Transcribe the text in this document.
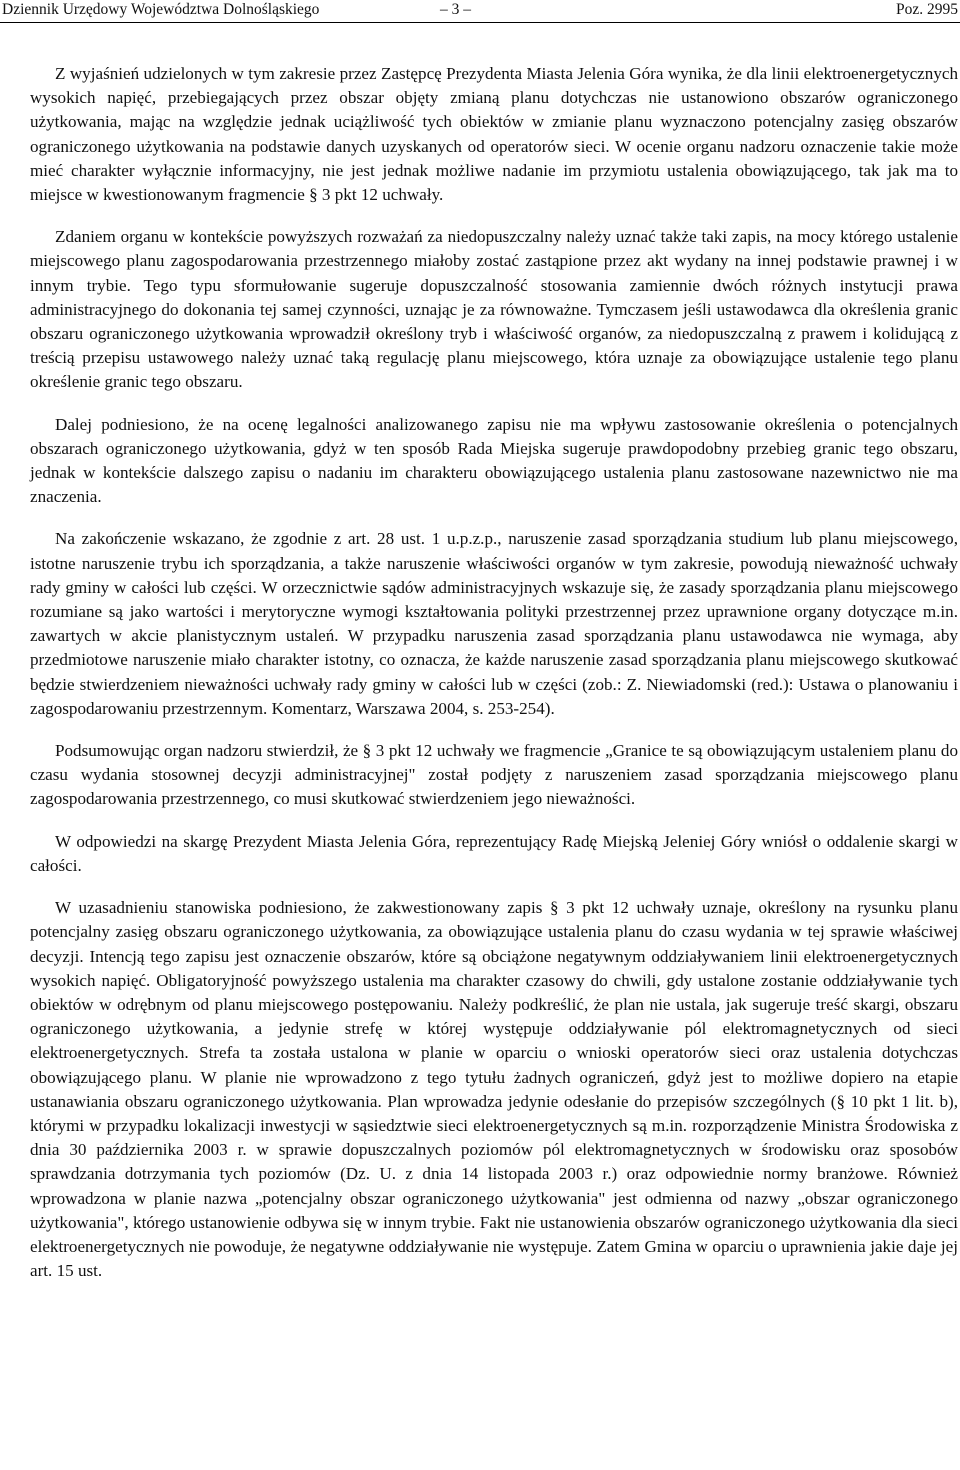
Dziennik Urzędowy Województwa Dolnośląskiego	– 3 –	Poz. 2995

Z wyjaśnień udzielonych w tym zakresie przez Zastępcę Prezydenta Miasta Jelenia Góra wynika, że dla linii elektroenergetycznych wysokich napięć, przebiegających przez obszar objęty zmianą planu dotychczas nie ustanowiono obszarów ograniczonego użytkowania, mając na względzie jednak uciążliwość tych obiektów w zmianie planu wyznaczono potencjalny zasięg obszarów ograniczonego użytkowania na podstawie danych uzyskanych od operatorów sieci. W ocenie organu nadzoru oznaczenie takie może mieć charakter wyłącznie informacyjny, nie jest jednak możliwe nadanie im przymiotu ustalenia obowiązującego, tak jak ma to miejsce w kwestionowanym fragmencie § 3 pkt 12 uchwały.

Zdaniem organu w kontekście powyższych rozważań za niedopuszczalny należy uznać także taki zapis, na mocy którego ustalenie miejscowego planu zagospodarowania przestrzennego miałoby zostać zastąpione przez akt wydany na innej podstawie prawnej i w innym trybie. Tego typu sformułowanie sugeruje dopuszczalność stosowania zamiennie dwóch różnych instytucji prawa administracyjnego do dokonania tej samej czynności, uznając je za równoważne. Tymczasem jeśli ustawodawca dla określenia granic obszaru ograniczonego użytkowania wprowadził określony tryb i właściwość organów, za niedopuszczalną z prawem i kolidującą z treścią przepisu ustawowego należy uznać taką regulację planu miejscowego, która uznaje za obowiązujące ustalenie tego planu określenie granic tego obszaru.

Dalej podniesiono, że na ocenę legalności analizowanego zapisu nie ma wpływu zastosowanie określenia o potencjalnych obszarach ograniczonego użytkowania, gdyż w ten sposób Rada Miejska sugeruje prawdopodobny przebieg granic tego obszaru, jednak w kontekście dalszego zapisu o nadaniu im charakteru obowiązującego ustalenia planu zastosowane nazewnictwo nie ma znaczenia.

Na zakończenie wskazano, że zgodnie z art. 28 ust. 1 u.p.z.p., naruszenie zasad sporządzania studium lub planu miejscowego, istotne naruszenie trybu ich sporządzania, a także naruszenie właściwości organów w tym zakresie, powodują nieważność uchwały rady gminy w całości lub części. W orzecznictwie sądów administracyjnych wskazuje się, że zasady sporządzania planu miejscowego rozumiane są jako wartości i merytoryczne wymogi kształtowania polityki przestrzennej przez uprawnione organy dotyczące m.in. zawartych w akcie planistycznym ustaleń. W przypadku naruszenia zasad sporządzania planu ustawodawca nie wymaga, aby przedmiotowe naruszenie miało charakter istotny, co oznacza, że każde naruszenie zasad sporządzania planu miejscowego skutkować będzie stwierdzeniem nieważności uchwały rady gminy w całości lub w części (zob.: Z. Niewiadomski (red.): Ustawa o planowaniu i zagospodarowaniu przestrzennym. Komentarz, Warszawa 2004, s. 253-254).

Podsumowując organ nadzoru stwierdził, że § 3 pkt 12 uchwały we fragmencie „Granice te są obowiązującym ustaleniem planu do czasu wydania stosownej decyzji administracyjnej" został podjęty z naruszeniem zasad sporządzania miejscowego planu zagospodarowania przestrzennego, co musi skutkować stwierdzeniem jego nieważności.

W odpowiedzi na skargę Prezydent Miasta Jelenia Góra, reprezentujący Radę Miejską Jeleniej Góry wniósł o oddalenie skargi w całości.

W uzasadnieniu stanowiska podniesiono, że zakwestionowany zapis § 3 pkt 12 uchwały uznaje, określony na rysunku planu potencjalny zasięg obszaru ograniczonego użytkowania, za obowiązujące ustalenia planu do czasu wydania w tej sprawie właściwej decyzji. Intencją tego zapisu jest oznaczenie obszarów, które są obciążone negatywnym oddziaływaniem linii elektroenergetycznych wysokich napięć. Obligatoryjność powyższego ustalenia ma charakter czasowy do chwili, gdy ustalone zostanie oddziaływanie tych obiektów w odrębnym od planu miejscowego postępowaniu. Należy podkreślić, że plan nie ustala, jak sugeruje treść skargi, obszaru ograniczonego użytkowania, a jedynie strefę w której występuje oddziaływanie pól elektromagnetycznych od sieci elektroenergetycznych. Strefa ta została ustalona w planie w oparciu o wnioski operatorów sieci oraz ustalenia dotychczas obowiązującego planu. W planie nie wprowadzono z tego tytułu żadnych ograniczeń, gdyż jest to możliwe dopiero na etapie ustanawiania obszaru ograniczonego użytkowania. Plan wprowadza jedynie odesłanie do przepisów szczególnych (§ 10 pkt 1 lit. b), którymi w przypadku lokalizacji inwestycji w sąsiedztwie sieci elektroenergetycznych są m.in. rozporządzenie Ministra Środowiska z dnia 30 października 2003 r. w sprawie dopuszczalnych poziomów pól elektromagnetycznych w środowisku oraz sposobów sprawdzania dotrzymania tych poziomów (Dz. U. z dnia 14 listopada 2003 r.) oraz odpowiednie normy branżowe. Również wprowadzona w planie nazwa „potencjalny obszar ograniczonego użytkowania" jest odmienna od nazwy „obszar ograniczonego użytkowania", którego ustanowienie odbywa się w innym trybie. Fakt nie ustanowienia obszarów ograniczonego użytkowania dla sieci elektroenergetycznych nie powoduje, że negatywne oddziaływanie nie występuje. Zatem Gmina w oparciu o uprawnienia jakie daje jej art. 15 ust.
